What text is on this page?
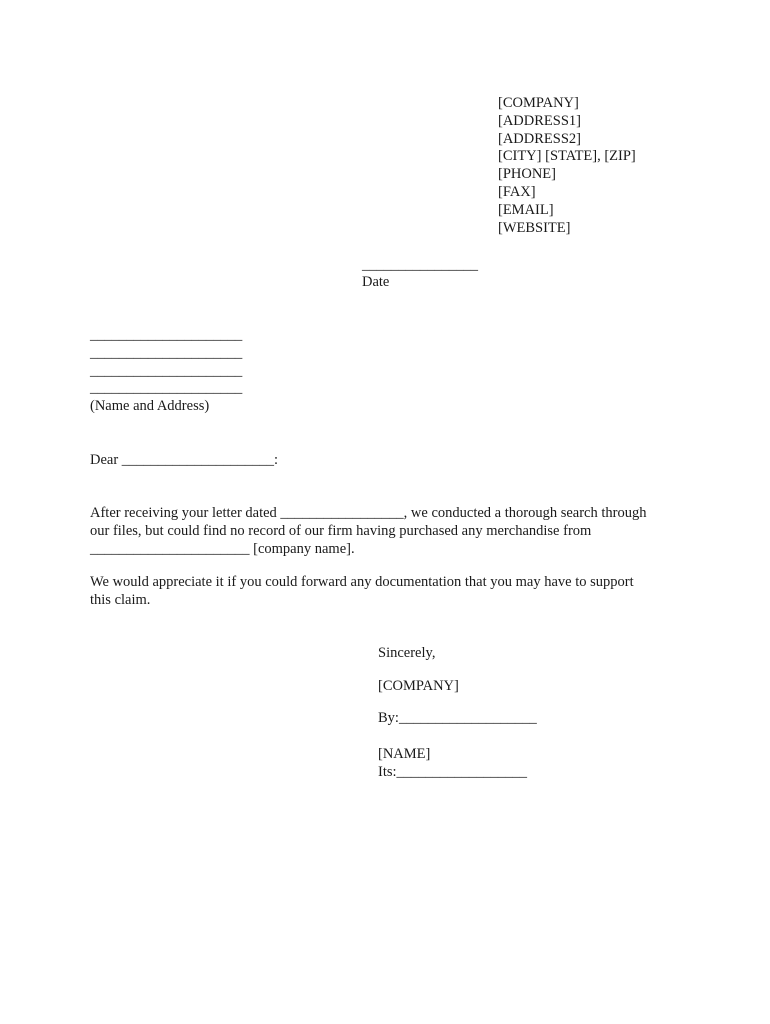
[COMPANY]
[ADDRESS1]
[ADDRESS2]
[CITY] [STATE], [ZIP]
[PHONE]
[FAX]
[EMAIL]
[WEBSITE]
________________
Date
_____________________
_____________________
_____________________
_____________________
(Name and Address)
Dear _____________________:
After receiving your letter dated _________________, we conducted a thorough search through
our files, but could find no record of our firm having purchased any merchandise from
______________________ [company name].
We would appreciate it if you could forward any documentation that you may have to support
this claim.
Sincerely,
[COMPANY]
By:___________________
[NAME]
Its:__________________
